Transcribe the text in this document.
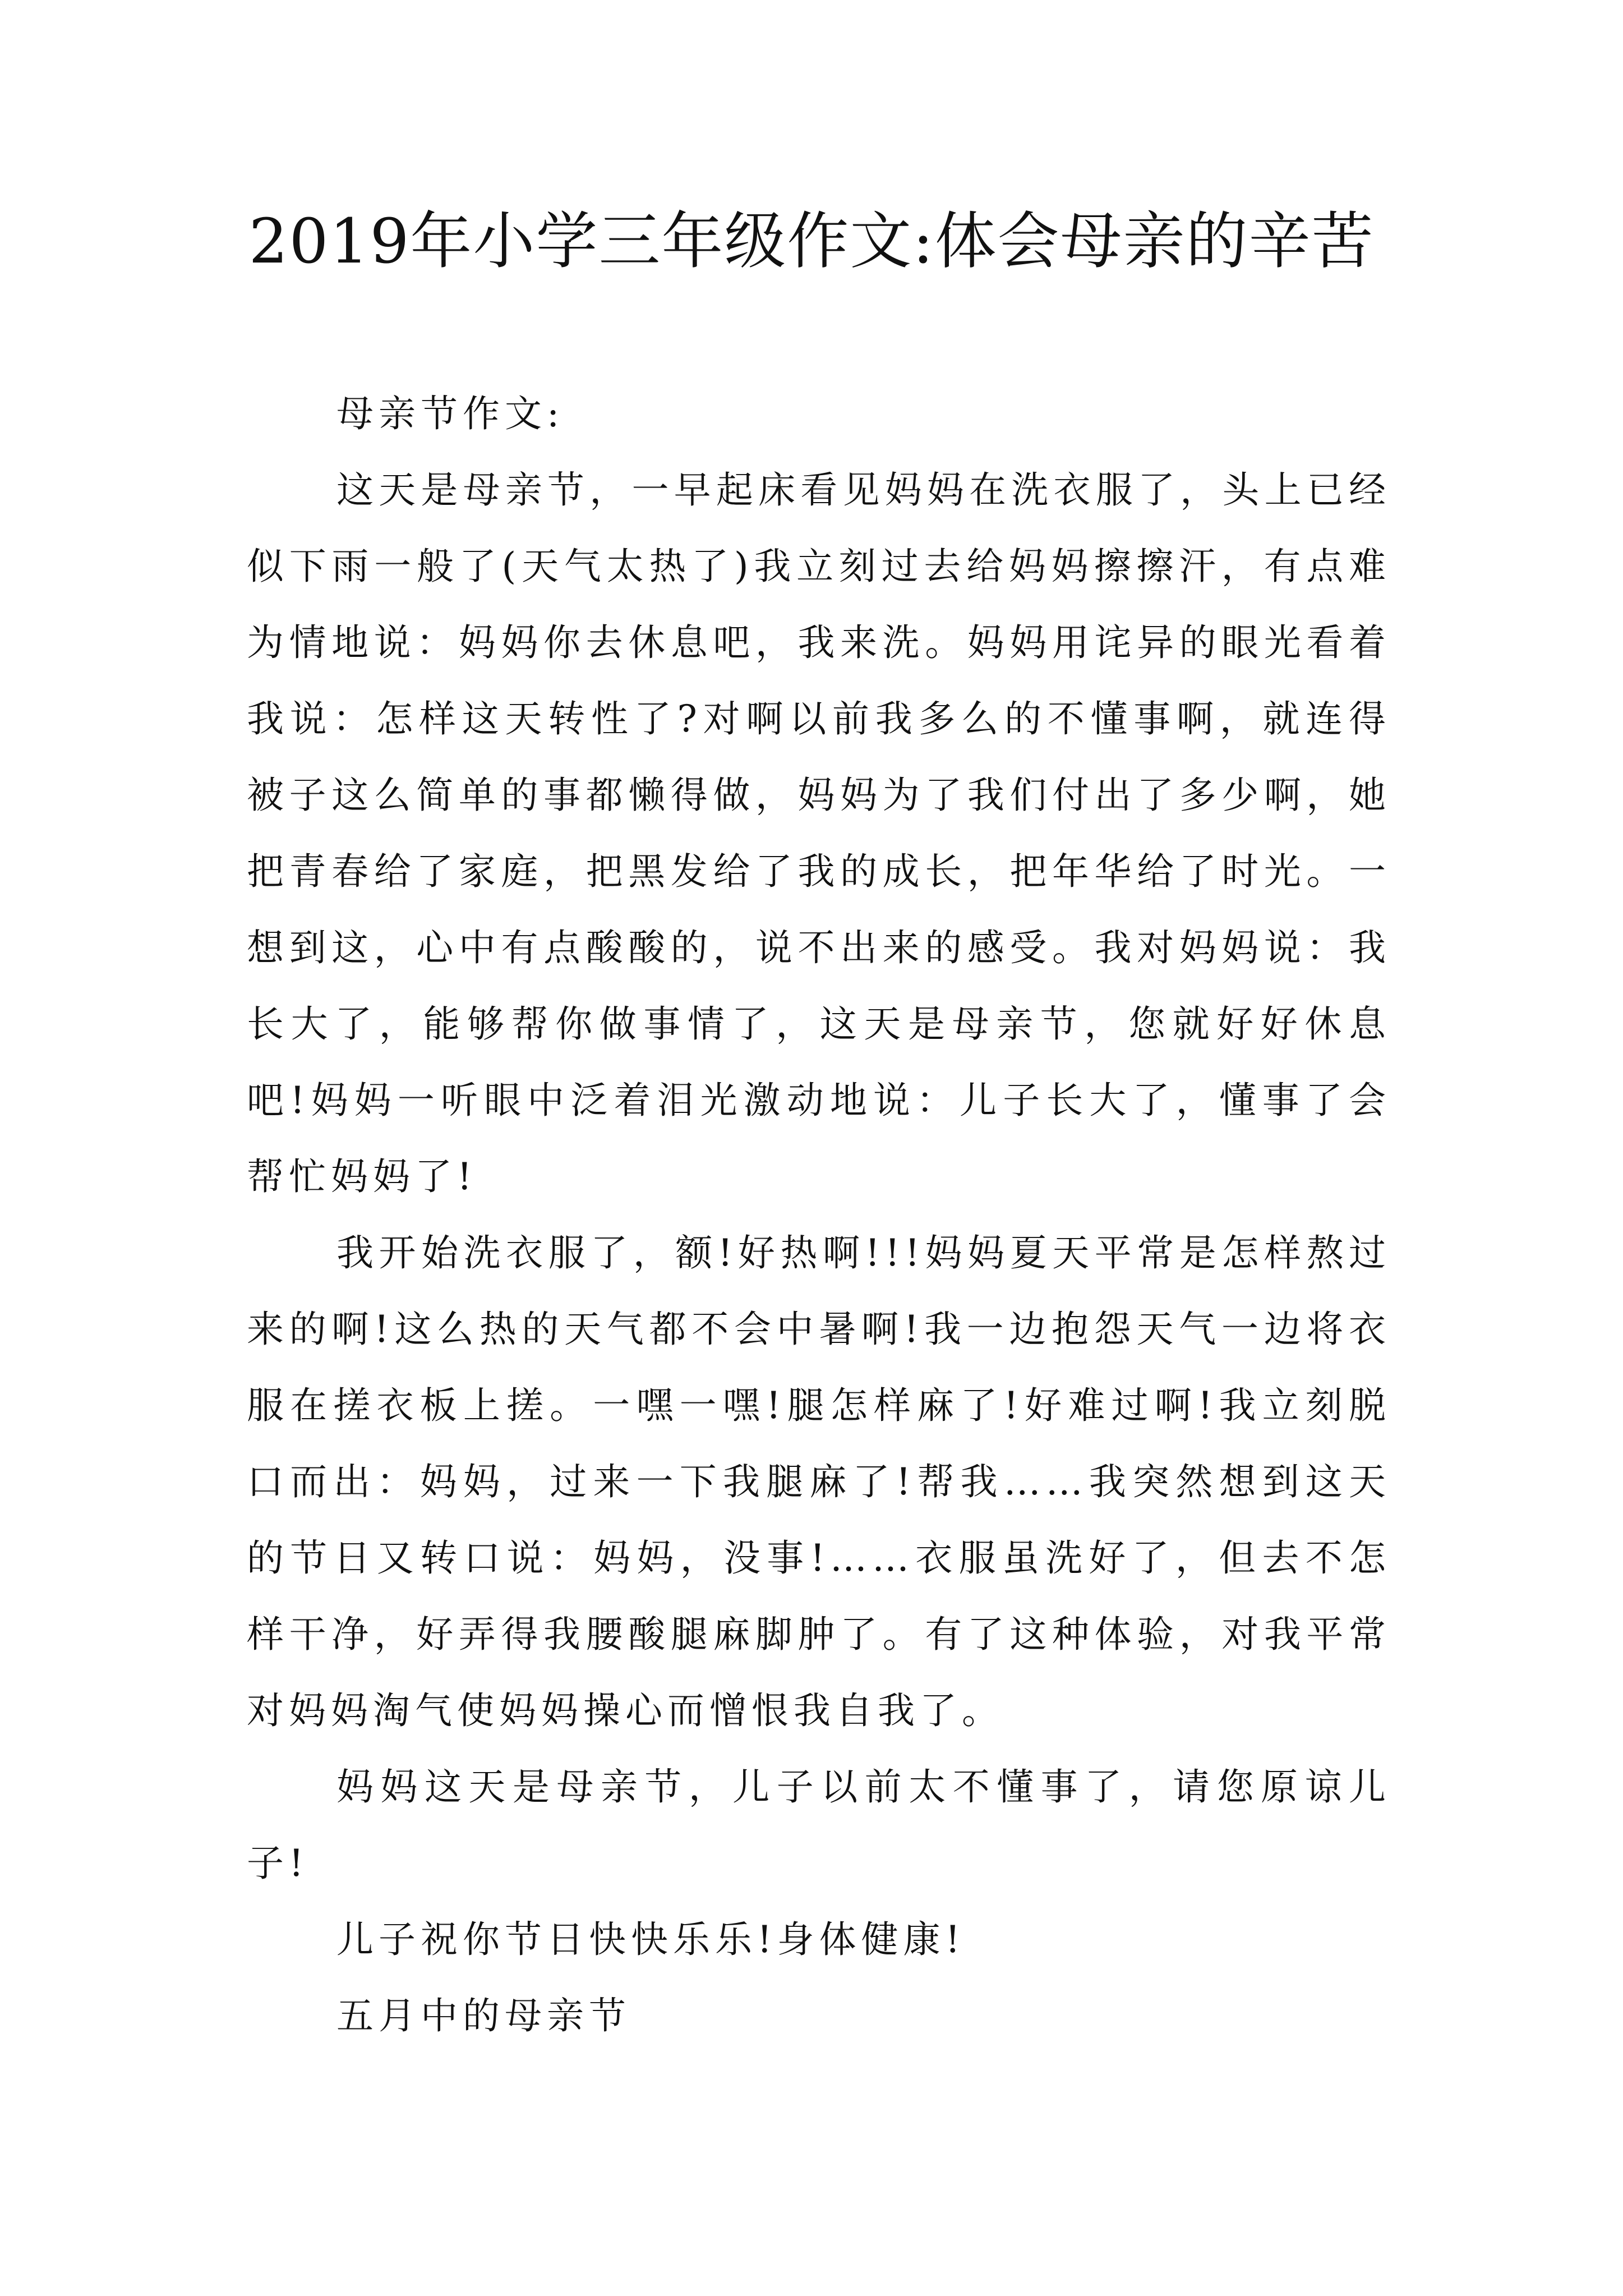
2019年小学三年级作文:体会母亲的辛苦

母亲节作文:

这天是母亲节，一早起床看见妈妈在洗衣服了，头上已经似下雨一般了(天气太热了)我立刻过去给妈妈擦擦汗，有点难为情地说：妈妈你去休息吧，我来洗。妈妈用诧异的眼光看着我说：怎样这天转性了?对啊以前我多么的不懂事啊，就连得被子这么简单的事都懒得做，妈妈为了我们付出了多少啊，她把青春给了家庭，把黑发给了我的成长，把年华给了时光。一想到这，心中有点酸酸的，说不出来的感受。我对妈妈说：我长大了，能够帮你做事情了，这天是母亲节，您就好好休息吧!妈妈一听眼中泛着泪光激动地说：儿子长大了，懂事了会帮忙妈妈了!

我开始洗衣服了，额!好热啊!!!妈妈夏天平常是怎样熬过来的啊!这么热的天气都不会中暑啊!我一边抱怨天气一边将衣服在搓衣板上搓。一嘿一嘿!腿怎样麻了!好难过啊!我立刻脱口而出：妈妈，过来一下我腿麻了!帮我……我突然想到这天的节日又转口说：妈妈，没事!……衣服虽洗好了，但去不怎样干净，好弄得我腰酸腿麻脚肿了。有了这种体验，对我平常对妈妈淘气使妈妈操心而憎恨我自我了。

妈妈这天是母亲节，儿子以前太不懂事了，请您原谅儿子!

儿子祝你节日快快乐乐!身体健康!

五月中的母亲节
